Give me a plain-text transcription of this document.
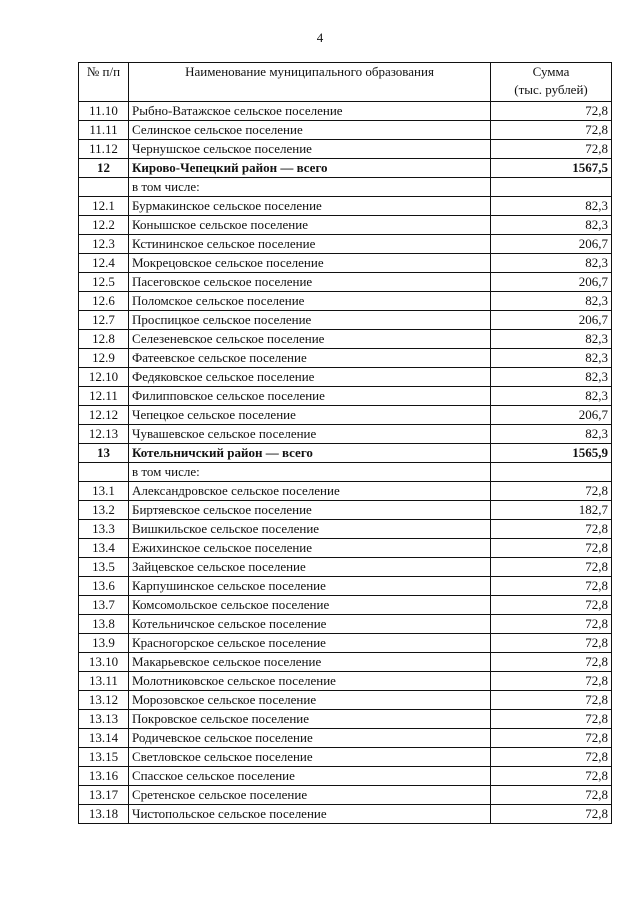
4
№ п/п	Наименование муниципального образования	Сумма
(тыс. рублей)
11.10	Рыбно-Ватажское сельское поселение	72,8
11.11	Селинское сельское поселение	72,8
11.12	Чернушское сельское поселение	72,8
12	Кирово-Чепецкий район — всего	1567,5
	в том числе:	
12.1	Бурмакинское сельское поселение	82,3
12.2	Конышское сельское поселение	82,3
12.3	Кстининское сельское поселение	206,7
12.4	Мокрецовское сельское поселение	82,3
12.5	Пасеговское сельское поселение	206,7
12.6	Поломское сельское поселение	82,3
12.7	Проспицкое сельское поселение	206,7
12.8	Селезеневское сельское поселение	82,3
12.9	Фатеевское сельское поселение	82,3
12.10	Федяковское сельское поселение	82,3
12.11	Филипповское сельское поселение	82,3
12.12	Чепецкое сельское поселение	206,7
12.13	Чувашевское сельское поселение	82,3
13	Котельничский район — всего	1565,9
	в том числе:	
13.1	Александровское сельское поселение	72,8
13.2	Биртяевское сельское поселение	182,7
13.3	Вишкильское сельское поселение	72,8
13.4	Ежихинское сельское поселение	72,8
13.5	Зайцевское сельское поселение	72,8
13.6	Карпушинское сельское поселение	72,8
13.7	Комсомольское сельское поселение	72,8
13.8	Котельничское сельское поселение	72,8
13.9	Красногорское сельское поселение	72,8
13.10	Макарьевское сельское поселение	72,8
13.11	Молотниковское сельское поселение	72,8
13.12	Морозовское сельское поселение	72,8
13.13	Покровское сельское поселение	72,8
13.14	Родичевское сельское поселение	72,8
13.15	Светловское сельское поселение	72,8
13.16	Спасское сельское поселение	72,8
13.17	Сретенское сельское поселение	72,8
13.18	Чистопольское сельское поселение	72,8
